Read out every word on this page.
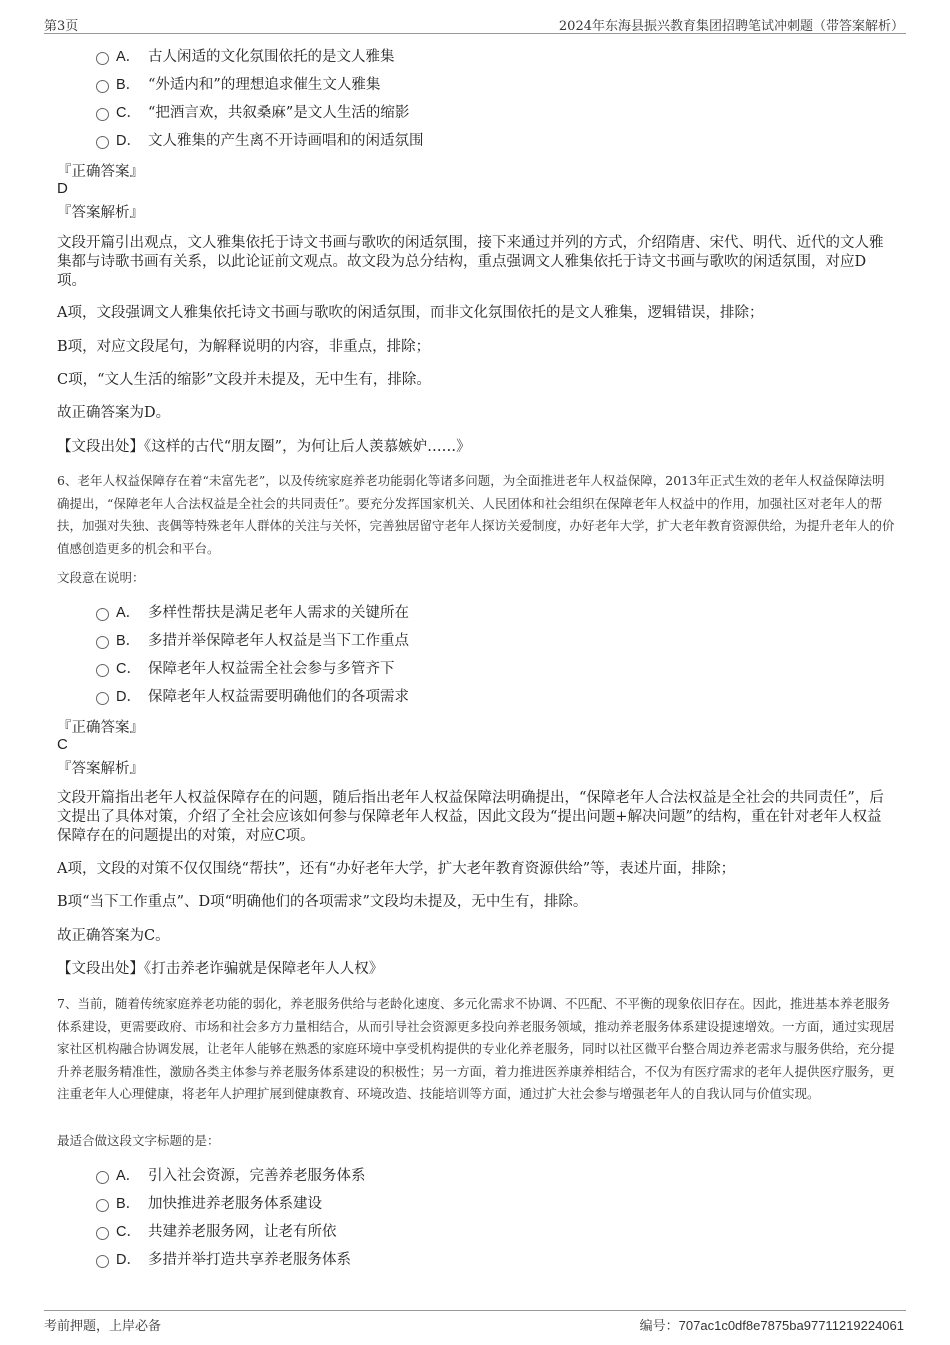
第3页	2024年东海县振兴教育集团招聘笔试冲刺题（带答案解析）
A． 古人闲适的文化氛围依托的是文人雅集
B． “外适内和”的理想追求催生文人雅集
C． “把酒言欢，共叙桑麻”是文人生活的缩影
D． 文人雅集的产生离不开诗画唱和的闲适氛围
『正确答案』
D
『答案解析』
文段开篇引出观点，文人雅集依托于诗文书画与歌吹的闲适氛围，接下来通过并列的方式，介绍隋唐、宋代、明代、近代的文人雅集都与诗歌书画有关系，以此论证前文观点。故文段为总分结构，重点强调文人雅集依托于诗文书画与歌吹的闲适氛围，对应D项。
A项，文段强调文人雅集依托诗文书画与歌吹的闲适氛围，而非文化氛围依托的是文人雅集，逻辑错误，排除；
B项，对应文段尾句，为解释说明的内容，非重点，排除；
C项，“文人生活的缩影”文段并未提及，无中生有，排除。
故正确答案为D。
【文段出处】《这样的古代“朋友圈”，为何让后人羡慕嫉妒……》
6、老年人权益保障存在着“未富先老”，以及传统家庭养老功能弱化等诸多问题，为全面推进老年人权益保障，2013年正式生效的老年人权益保障法明确提出，“保障老年人合法权益是全社会的共同责任”。要充分发挥国家机关、人民团体和社会组织在保障老年人权益中的作用，加强社区对老年人的帮扶，加强对失独、丧偶等特殊老年人群体的关注与关怀，完善独居留守老年人探访关爱制度，办好老年大学，扩大老年教育资源供给，为提升老年人的价值感创造更多的机会和平台。
文段意在说明：
A． 多样性帮扶是满足老年人需求的关键所在
B． 多措并举保障老年人权益是当下工作重点
C． 保障老年人权益需全社会参与多管齐下
D． 保障老年人权益需要明确他们的各项需求
『正确答案』
C
『答案解析』
文段开篇指出老年人权益保障存在的问题，随后指出老年人权益保障法明确提出，“保障老年人合法权益是全社会的共同责任”，后文提出了具体对策，介绍了全社会应该如何参与保障老年人权益，因此文段为“提出问题+解决问题”的结构，重在针对老年人权益保障存在的问题提出的对策，对应C项。
A项，文段的对策不仅仅围绕“帮扶”，还有“办好老年大学，扩大老年教育资源供给”等，表述片面，排除；
B项“当下工作重点”、D项“明确他们的各项需求”文段均未提及，无中生有，排除。
故正确答案为C。
【文段出处】《打击养老诈骗就是保障老年人人权》
7、当前，随着传统家庭养老功能的弱化，养老服务供给与老龄化速度、多元化需求不协调、不匹配、不平衡的现象依旧存在。因此，推进基本养老服务体系建设，更需要政府、市场和社会多方力量相结合，从而引导社会资源更多投向养老服务领域，推动养老服务体系建设提速增效。一方面，通过实现居家社区机构融合协调发展，让老年人能够在熟悉的家庭环境中享受机构提供的专业化养老服务，同时以社区微平台整合周边养老需求与服务供给，充分提升养老服务精准性，激励各类主体参与养老服务体系建设的积极性；另一方面，着力推进医养康养相结合，不仅为有医疗需求的老年人提供医疗服务，更注重老年人心理健康，将老年人护理扩展到健康教育、环境改造、技能培训等方面，通过扩大社会参与增强老年人的自我认同与价值实现。
最适合做这段文字标题的是：
A． 引入社会资源，完善养老服务体系
B． 加快推进养老服务体系建设
C． 共建养老服务网，让老有所依
D． 多措并举打造共享养老服务体系
考前押题，上岸必备	编号：707ac1c0df8e7875ba97711219224061
